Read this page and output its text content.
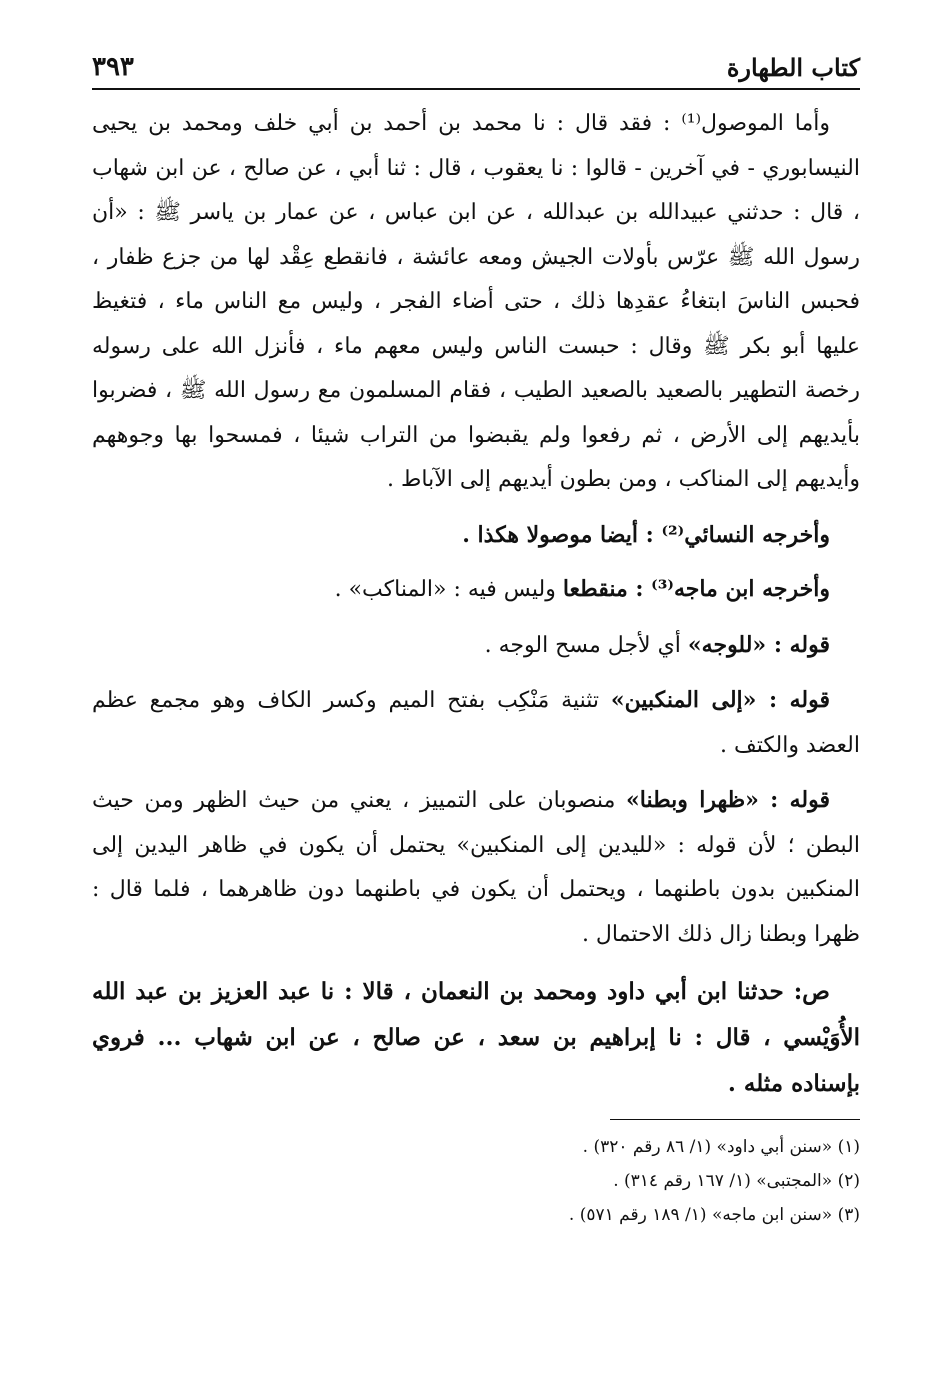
كتاب الطهارة
٣٩٣

وأما الموصول⁽¹⁾ : فقد قال : نا محمد بن أحمد بن أبي خلف ومحمد بن يحيى النيسابوري - في آخرين - قالوا : نا يعقوب ، قال : ثنا أبي ، عن صالح ، عن ابن شهاب ، قال : حدثني عبيدالله بن عبدالله ، عن ابن عباس ، عن عمار بن ياسر ﷺ : «أن رسول الله ﷺ عرّس بأولات الجيش ومعه عائشة ، فانقطع عِقْد لها من جزع ظفار ، فحبس الناسَ ابتغاءُ عقدِها ذلك ، حتى أضاء الفجر ، وليس مع الناس ماء ، فتغيظ عليها أبو بكر ﷺ وقال : حبست الناس وليس معهم ماء ، فأنزل الله على رسوله رخصة التطهير بالصعيد بالصعيد الطيب ، فقام المسلمون مع رسول الله ﷺ ، فضربوا بأيديهم إلى الأرض ، ثم رفعوا ولم يقبضوا من التراب شيئا ، فمسحوا بها وجوههم وأيديهم إلى المناكب ، ومن بطون أيديهم إلى الآباط .

وأخرجه النسائي⁽²⁾ : أيضا موصولا هكذا .

وأخرجه ابن ماجه⁽³⁾ : منقطعا وليس فيه : «المناكب» .

قوله : «للوجه» أي لأجل مسح الوجه .

قوله : «إلى المنكبين» تثنية مَنْكِب بفتح الميم وكسر الكاف وهو مجمع عظم العضد والكتف .

قوله : «ظهرا وبطنا» منصوبان على التمييز ، يعني من حيث الظهر ومن حيث البطن ؛ لأن قوله : «لليدين إلى المنكبين» يحتمل أن يكون في ظاهر اليدين إلى المنكبين بدون باطنهما ، ويحتمل أن يكون في باطنهما دون ظاهرهما ، فلما قال : ظهرا وبطنا زال ذلك الاحتمال .

ص: حدثنا ابن أبي داود ومحمد بن النعمان ، قالا : نا عبد العزيز بن عبد الله الأُوَيْسي ، قال : نا إبراهيم بن سعد ، عن صالح ، عن ابن شهاب ... فروي بإسناده مثله .

(١) «سنن أبي داود» (١/ ٨٦ رقم ٣٢٠) .

(٢) «المجتبى» (١/ ١٦٧ رقم ٣١٤) .

(٣) «سنن ابن ماجه» (١/ ١٨٩ رقم ٥٧١) .
